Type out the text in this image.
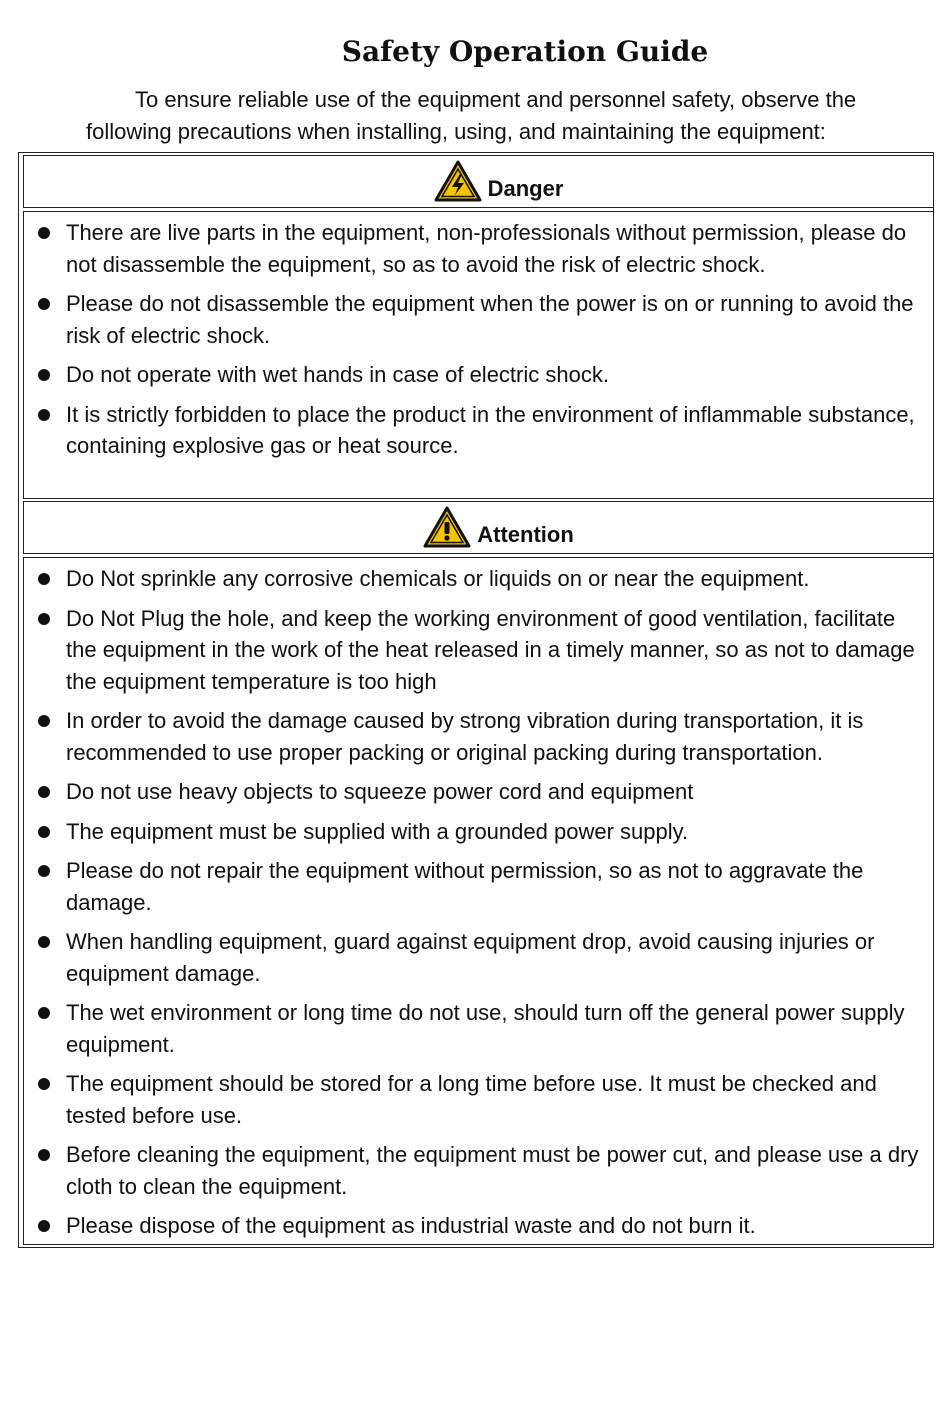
Safety Operation Guide
To ensure reliable use of the equipment and personnel safety, observe the
following precautions when installing, using, and maintaining the equipment:
Danger
There are live parts in the equipment, non-professionals without permission, please do not disassemble the equipment, so as to avoid the risk of electric shock.
Please do not disassemble the equipment when the power is on or running to avoid the risk of electric shock.
Do not operate with wet hands in case of electric shock.
It is strictly forbidden to place the product in the environment of inflammable substance, containing explosive gas or heat source.
Attention
Do Not sprinkle any corrosive chemicals or liquids on or near the equipment.
Do Not Plug the hole, and keep the working environment of good ventilation, facilitate the equipment in the work of the heat released in a timely manner, so as not to damage the equipment temperature is too high
In order to avoid the damage caused by strong vibration during transportation, it is recommended to use proper packing or original packing during transportation.
Do not use heavy objects to squeeze power cord and equipment
The equipment must be supplied with a grounded power supply.
Please do not repair the equipment without permission, so as not to aggravate the damage.
When handling equipment, guard against equipment drop, avoid causing injuries or equipment damage.
The wet environment or long time do not use, should turn off the general power supply equipment.
The equipment should be stored for a long time before use. It must be checked and tested before use.
Before cleaning the equipment, the equipment must be power cut, and please use a dry cloth to clean the equipment.
Please dispose of the equipment as industrial waste and do not burn it.
